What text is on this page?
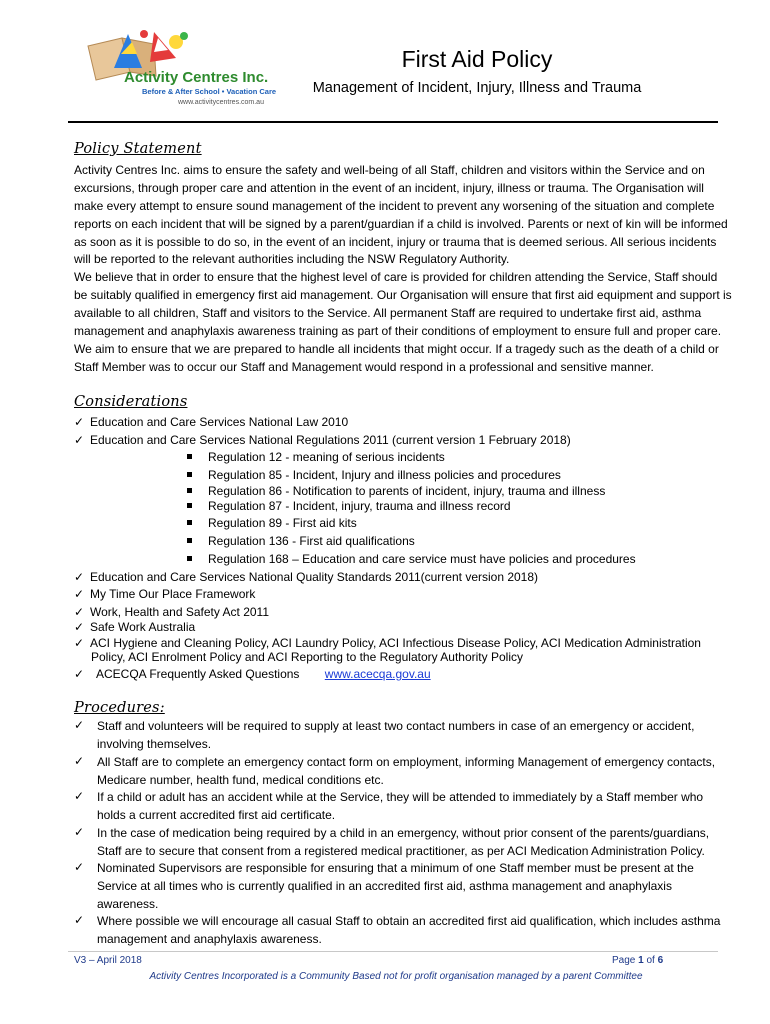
Activity Centres Inc.
Before & After School • Vacation Care
www.activitycentres.com.au
First Aid Policy
Management of Incident, Injury, Illness and Trauma
Policy Statement
Activity Centres Inc. aims to ensure the safety and well-being of all Staff, children and visitors within the Service and on
excursions, through proper care and attention in the event of an incident, injury, illness or trauma. The Organisation will
make every attempt to ensure sound management of the incident to prevent any worsening of the situation and complete
reports on each incident that will be signed by a parent/guardian if a child is involved. Parents or next of kin will be informed
as soon as it is possible to do so, in the event of an incident, injury or trauma that is deemed serious. All serious incidents
will be reported to the relevant authorities including the NSW Regulatory Authority.
We believe that in order to ensure that the highest level of care is provided for children attending the Service, Staff should
be suitably qualified in emergency first aid management. Our Organisation will ensure that first aid equipment and support is
available to all children, Staff and visitors to the Service. All permanent Staff are required to undertake first aid, asthma
management and anaphylaxis awareness training as part of their conditions of employment to ensure full and proper care.
We aim to ensure that we are prepared to handle all incidents that might occur. If a tragedy such as the death of a child or
Staff Member was to occur our Staff and Management would respond in a professional and sensitive manner.
Considerations
✓ Education and Care Services National Law 2010
✓ Education and Care Services National Regulations 2011 (current version 1 February 2018)
Regulation 12 - meaning of serious incidents
Regulation 85 - Incident, Injury and illness policies and procedures
Regulation 86 - Notification to parents of incident, injury, trauma and illness
Regulation 87 - Incident, injury, trauma and illness record
Regulation 89 - First aid kits
Regulation 136 - First aid qualifications
Regulation 168 – Education and care service must have policies and procedures
✓ Education and Care Services National Quality Standards 2011(current version 2018)
✓ My Time Our Place Framework
✓ Work, Health and Safety Act 2011
✓ Safe Work Australia
✓ ACI Hygiene and Cleaning Policy, ACI Laundry Policy, ACI Infectious Disease Policy, ACI Medication Administration
Policy, ACI Enrolment Policy and ACI Reporting to the Regulatory Authority Policy
✓ ACECQA Frequently Asked Questions www.acecqa.gov.au
Procedures:
✓ Staff and volunteers will be required to supply at least two contact numbers in case of an emergency or accident,
involving themselves.
✓ All Staff are to complete an emergency contact form on employment, informing Management of emergency contacts,
Medicare number, health fund, medical conditions etc.
✓ If a child or adult has an accident while at the Service, they will be attended to immediately by a Staff member who
holds a current accredited first aid certificate.
✓ In the case of medication being required by a child in an emergency, without prior consent of the parents/guardians,
Staff are to secure that consent from a registered medical practitioner, as per ACI Medication Administration Policy.
✓ Nominated Supervisors are responsible for ensuring that a minimum of one Staff member must be present at the
Service at all times who is currently qualified in an accredited first aid, asthma management and anaphylaxis
awareness.
✓ Where possible we will encourage all casual Staff to obtain an accredited first aid qualification, which includes asthma
management and anaphylaxis awareness.
V3 – April 2018	Page 1 of 6
Activity Centres Incorporated is a Community Based not for profit organisation managed by a parent Committee
